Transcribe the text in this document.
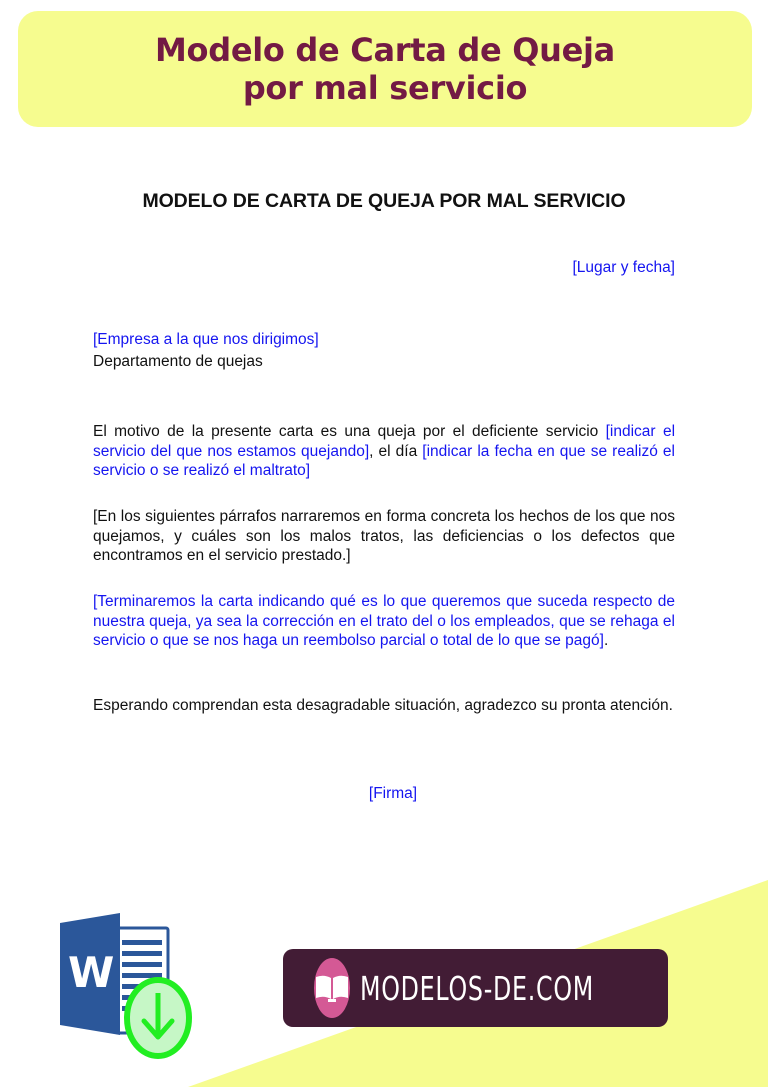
Modelo de Carta de Queja
por mal servicio
MODELO DE CARTA DE QUEJA POR MAL SERVICIO
[Lugar y fecha]
[Empresa a la que nos dirigimos]
Departamento de quejas
El motivo de la presente carta es una queja por el deficiente servicio [indicar el servicio del que nos estamos quejando], el día [indicar la fecha en que se realizó el servicio o se realizó el maltrato]
[En los siguientes párrafos narraremos en forma concreta los hechos de los que nos quejamos, y cuáles son los malos tratos, las deficiencias o los defectos que encontramos en el servicio prestado.]
[Terminaremos la carta indicando qué es lo que queremos que suceda respecto de nuestra queja, ya sea la corrección en el trato del o los empleados, que se rehaga el servicio o que se nos haga un reembolso parcial o total de lo que se pagó].
Esperando comprendan esta desagradable situación, agradezco su pronta atención.
[Firma]
W	MODELOS-DE.COM
